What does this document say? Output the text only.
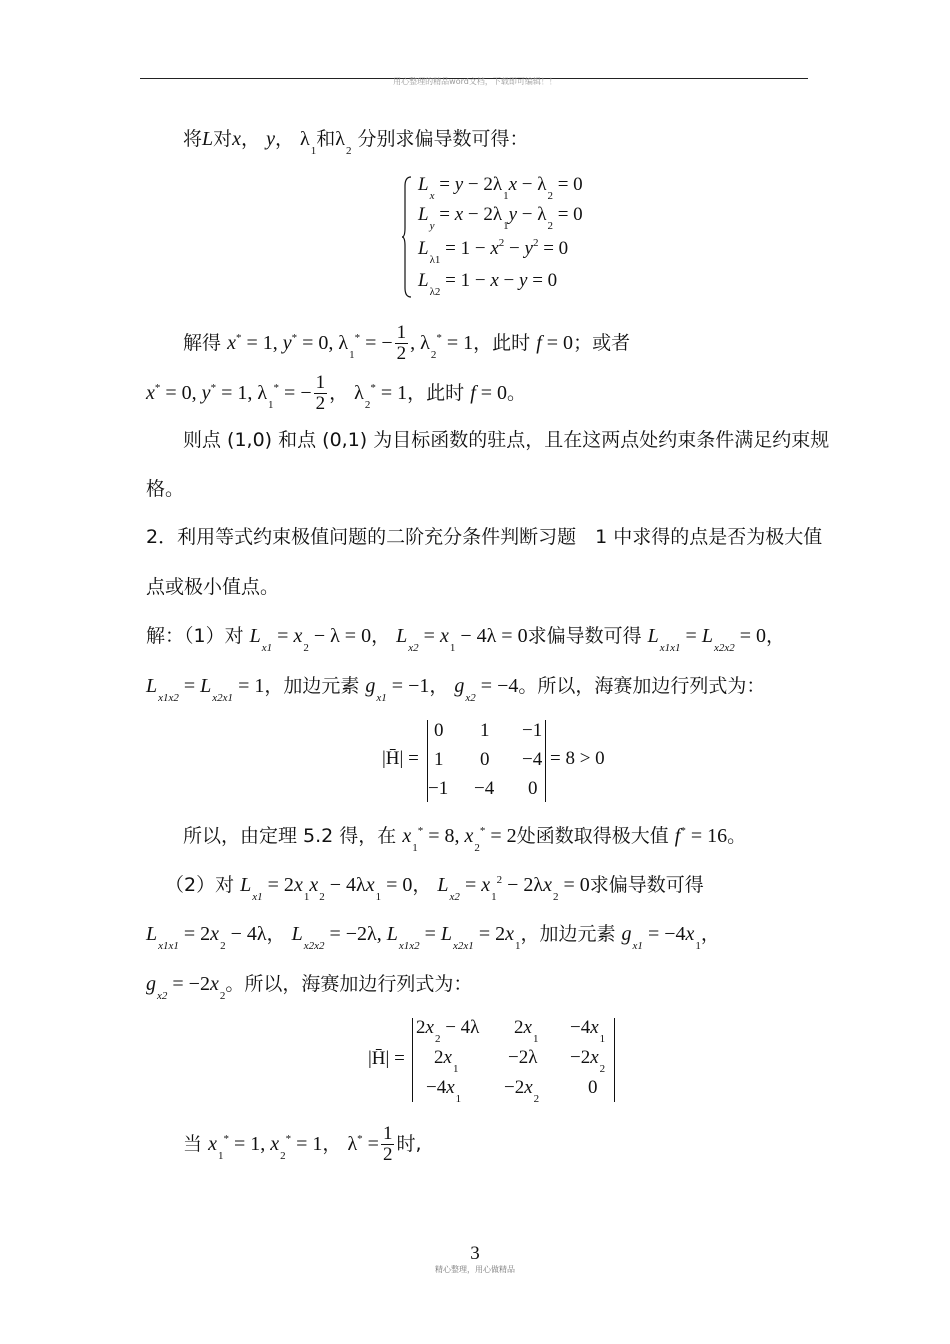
用心整理的精品word文档，下载即可编辑！！
将L对x， y， $\lambda_1$和$\lambda_2$ 分别求偏导数可得：
$L_x = y - 2\lambda_1x - \lambda_2 = 0$
$L_y = x - 2\lambda_1y - \lambda_2 = 0$
$L_{\lambda 1} = 1 - x^2 - y^2 = 0$
$L_{\lambda 2} = 1 - x - y = 0$
解得 x* = 1, y* = 0, $\lambda_1^*$ = − $\frac{1}{2}$ , $\lambda_2^* = 1$，此时 f = 0；或者
x* = 0, y* = 1, $\lambda_1^*$ = − $\frac{1}{2}$ ， $\lambda_2^* = 1$，此时 f = 0。
则点 (1,0) 和点 (0,1) 为目标函数的驻点，且在这两点处约束条件满足约束规
格。
2．利用等式约束极值问题的二阶充分条件判断习题　1 中求得的点是否为极大值
点或极小值点。
解：（1）对 $L_{x1} = x_2 - \lambda = 0$， $L_{x2} = x_1 - 4\lambda = 0$求偏导数可得 $L_{x1x1} = L_{x2x2} = 0$，
$L_{x1x2} = L_{x2x1} = 1$，加边元素 $g_{x1} = -1$， $g_{x2} = -4$。所以，海赛加边行列式为：
|H̄| =
0 1 −1
1 0 −4
−1 −4 0
= 8 > 0
所以，由定理 5.2 得，在 $x_1^* = 8$, $x_2^* = 2$处函数取得极大值 f* = 16。
（2）对 $L_{x1} = 2x_1x_2 - 4\lambda x_1 = 0$， $L_{x2} = x_1^2 - 2\lambda x_2 = 0$求偏导数可得
$L_{x1x1} = 2x_2 - 4\lambda$， $L_{x2x2} = -2\lambda$, $L_{x1x2} = L_{x2x1} = 2x_1$，加边元素 $g_{x1} = -4x_1$，
$g_{x2} = -2x_2$。所以，海赛加边行列式为：
|H̄| =
$2x_2 - 4\lambda$ $2x_1$
$-4x_1$
$2x_1$
$-2\lambda -2x_2$
$-4x_1$
$-2x_2$
0
当 $x_1^* = 1$, $x_2^* = 1$， $\lambda^* = \frac{1}{2}$ 时,
3
精心整理，用心做精品
